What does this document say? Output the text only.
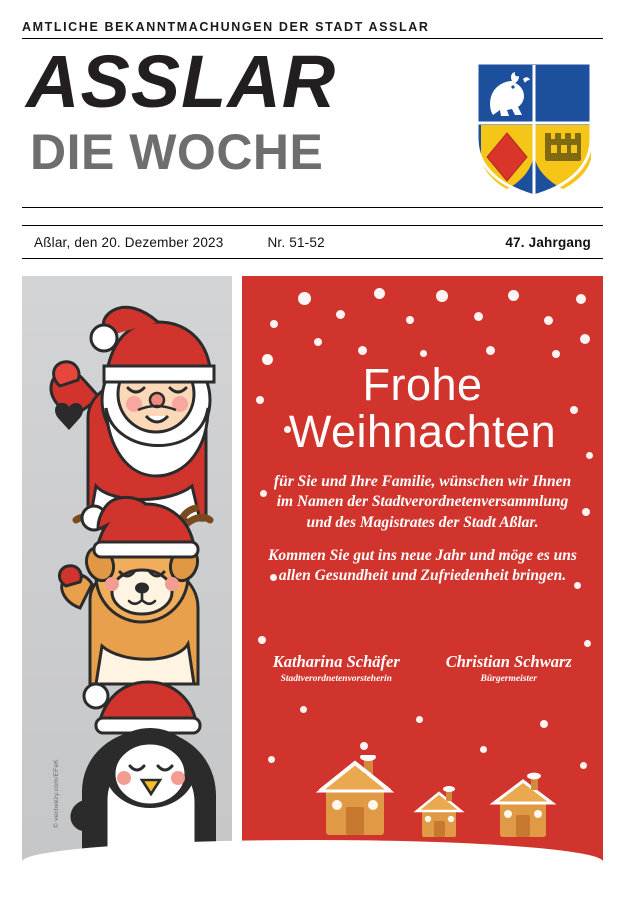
AMTLICHE BEKANNTMACHUNGEN DER STADT ASSLAR
ASSLAR
DIE WOCHE
Aßlar, den 20. Dezember 2023	Nr. 51-52	47. Jahrgang
© vectwezy.com/EFeK
Frohe
Weihnachten
für Sie und Ihre Familie, wünschen wir Ihnen im Namen der Stadtverordnetenversammlung und des Magistrates der Stadt Aßlar.
Kommen Sie gut ins neue Jahr und möge es uns allen Gesundheit und Zufriedenheit bringen.
Katharina Schäfer
Stadtverordnetenvorsteherin
Christian Schwarz
Bürgermeister
